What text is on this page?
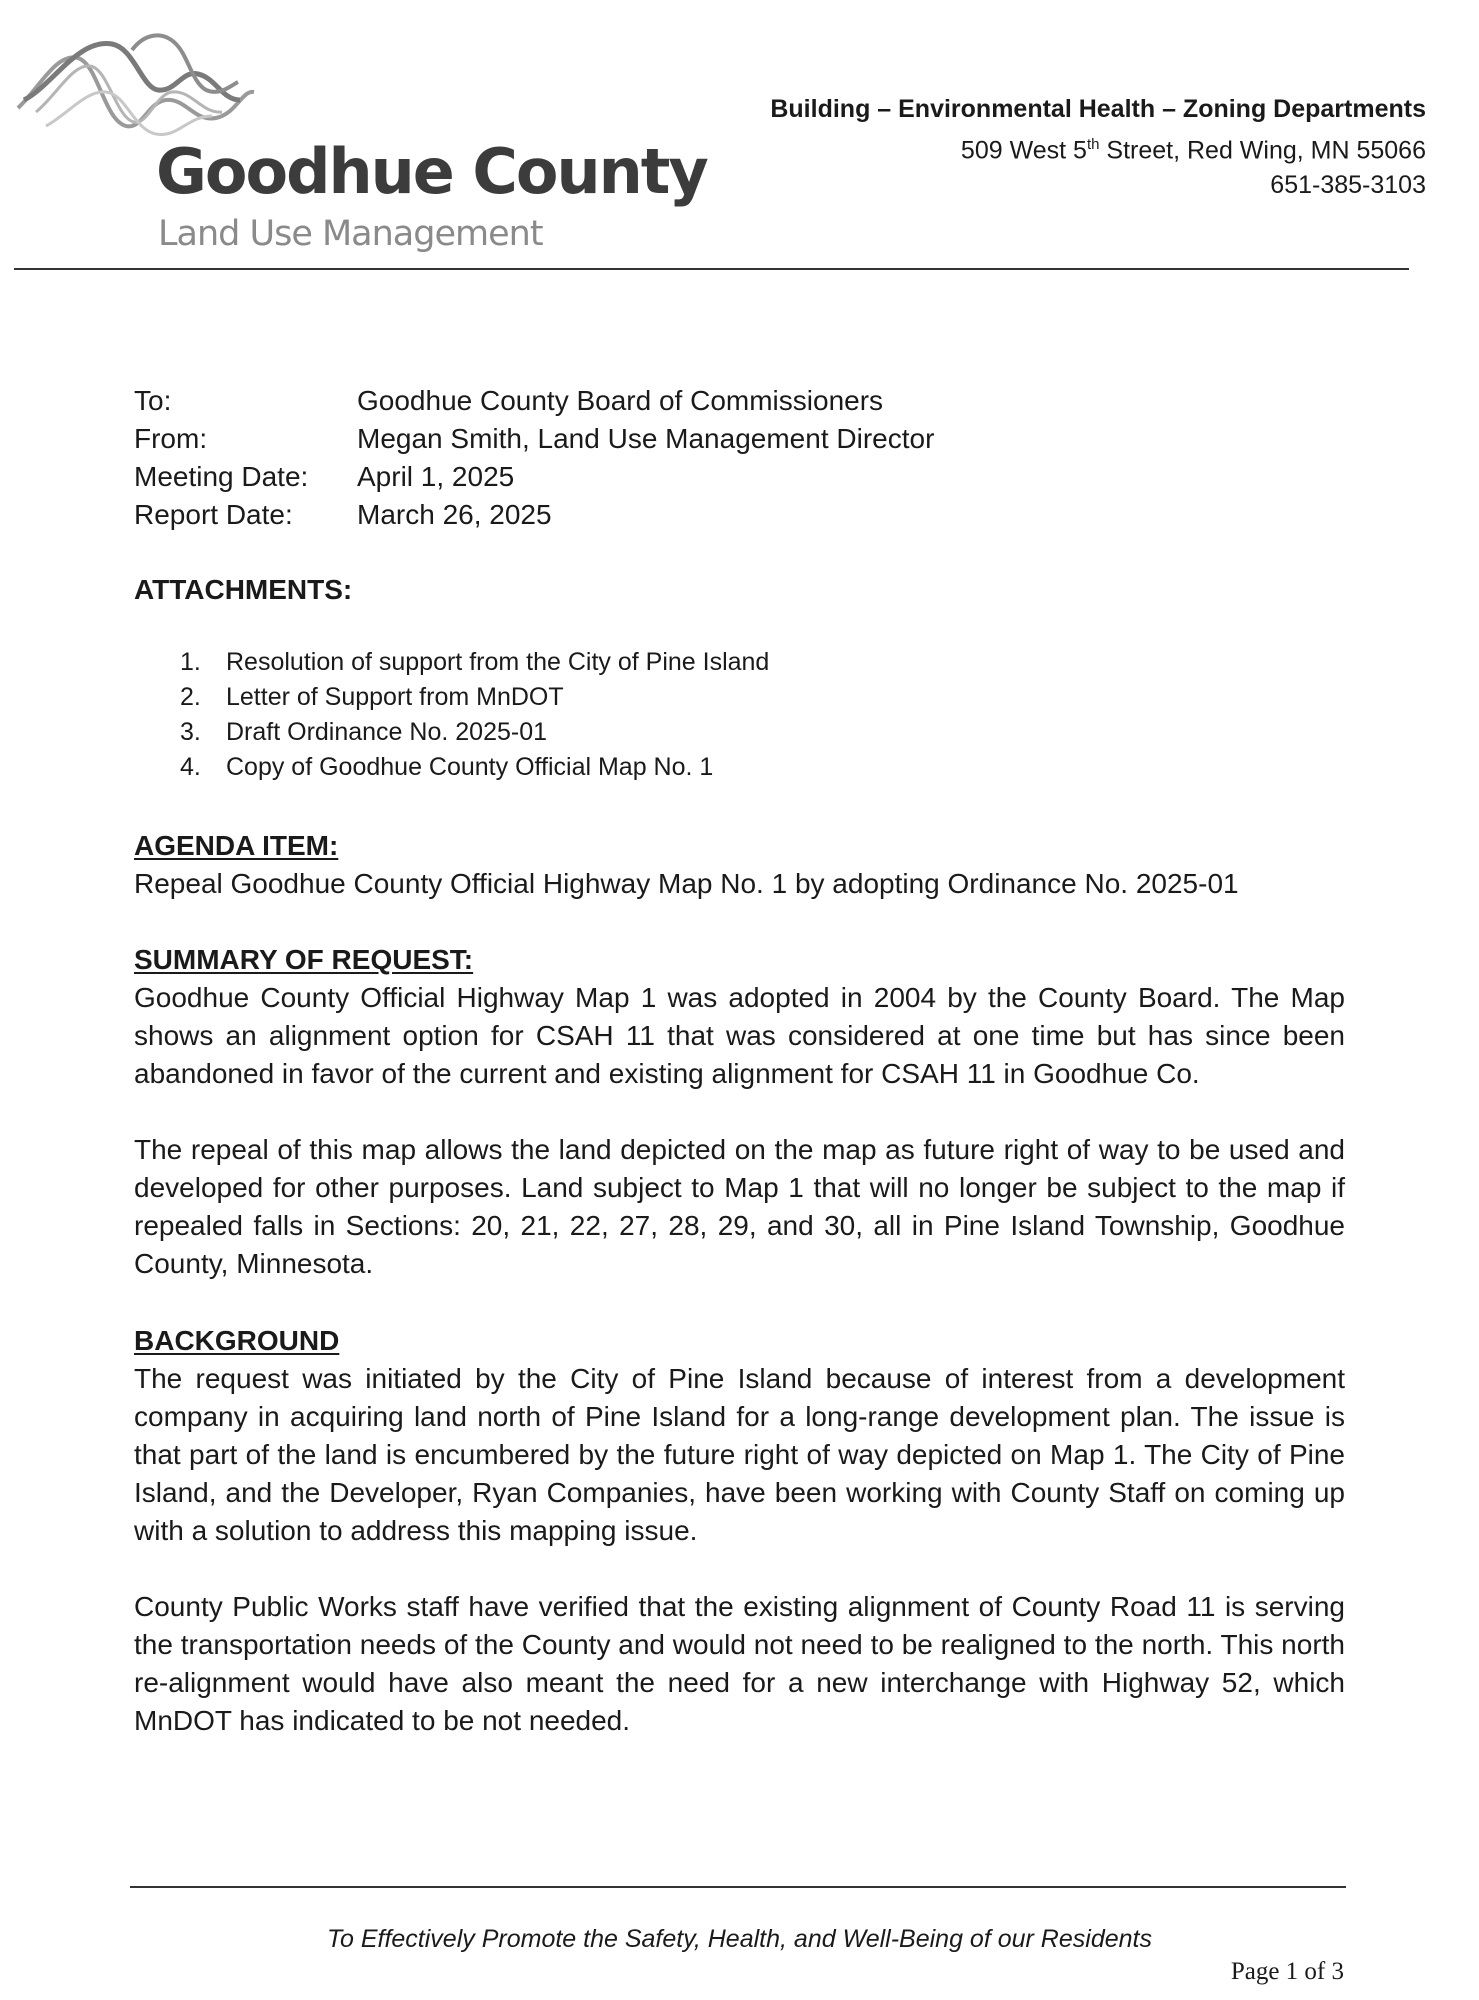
Goodhue County
Land Use Management
Building – Environmental Health – Zoning Departments
509 West 5th Street, Red Wing, MN 55066
651-385-3103
To:	Goodhue County Board of Commissioners
From:	Megan Smith, Land Use Management Director
Meeting Date:	April 1, 2025
Report Date:	March 26, 2025
ATTACHMENTS:
1.	Resolution of support from the City of Pine Island
2.	Letter of Support from MnDOT
3.	Draft Ordinance No. 2025-01
4.	Copy of Goodhue County Official Map No. 1
AGENDA ITEM:
Repeal Goodhue County Official Highway Map No. 1 by adopting Ordinance No. 2025-01
SUMMARY OF REQUEST:

Goodhue County Official Highway Map 1 was adopted in 2004 by the County Board. The Map shows an alignment option for CSAH 11 that was considered at one time but has since been abandoned in favor of the current and existing alignment for CSAH 11 in Goodhue Co.

The repeal of this map allows the land depicted on the map as future right of way to be used and developed for other purposes. Land subject to Map 1 that will no longer be subject to the map if repealed falls in Sections: 20, 21, 22, 27, 28, 29, and 30, all in Pine Island Township, Goodhue County, Minnesota.

BACKGROUND

The request was initiated by the City of Pine Island because of interest from a development company in acquiring land north of Pine Island for a long-range development plan. The issue is that part of the land is encumbered by the future right of way depicted on Map 1. The City of Pine Island, and the Developer, Ryan Companies, have been working with County Staff on coming up with a solution to address this mapping issue.

County Public Works staff have verified that the existing alignment of County Road 11 is serving the transportation needs of the County and would not need to be realigned to the north. This north re-alignment would have also meant the need for a new interchange with Highway 52, which MnDOT has indicated to be not needed.

To Effectively Promote the Safety, Health, and Well-Being of our Residents
Page 1 of 3
